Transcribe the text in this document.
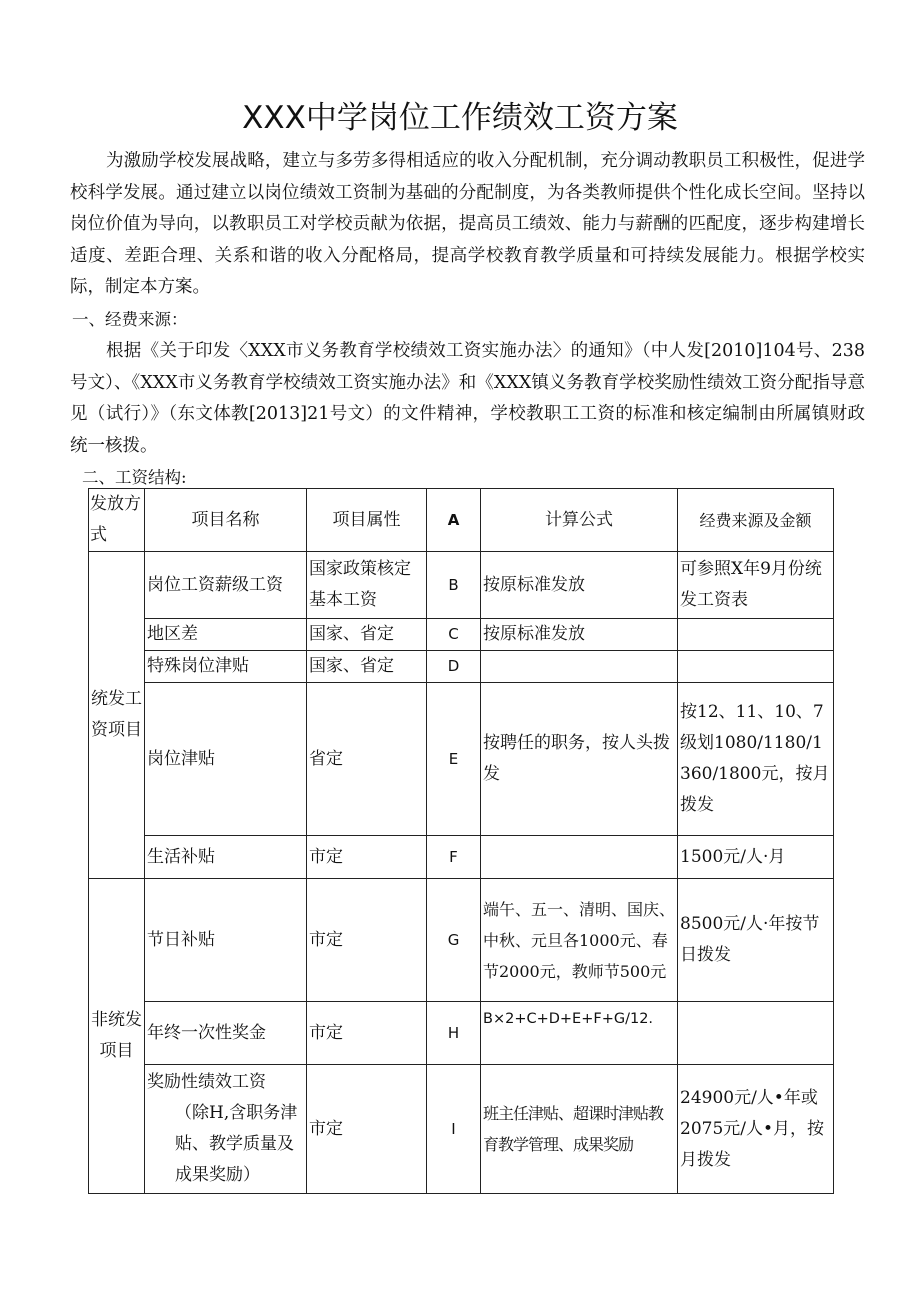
XXX中学岗位工作绩效工资方案

为激励学校发展战略，建立与多劳多得相适应的收入分配机制，充分调动教职员工积极性，促进学校科学发展。通过建立以岗位绩效工资制为基础的分配制度，为各类教师提供个性化成长空间。坚持以岗位价值为导向，以教职员工对学校贡献为依据，提高员工绩效、能力与薪酬的匹配度，逐步构建增长适度、差距合理、关系和谐的收入分配格局，提高学校教育教学质量和可持续发展能力。根据学校实际，制定本方案。

一、经费来源：

根据《关于印发〈XXX市义务教育学校绩效工资实施办法〉的通知》（中人发[2010]104号、238号文）、《XXX市义务教育学校绩效工资实施办法》和《XXX镇义务教育学校奖励性绩效工资分配指导意见（试行）》（东文体教[2013]21号文）的文件精神，学校教职工工资的标准和核定编制由所属镇财政统一核拨。

二、工资结构:

发放方式	项目名称	项目属性	A	计算公式	经费来源及金额
统发工资项目	岗位工资薪级工资	国家政策核定基本工资	B	按原标准发放	可参照X年9月份统发工资表
	地区差	国家、省定	C	按原标准发放	
	特殊岗位津贴	国家、省定	D		
	岗位津贴	省定	E	按聘任的职务，按人头拨发	按12、11、10、7级划1080/1180/1360/1800元，按月拨发
	生活补贴	市定	F		1500元/人·月
非统发项目	节日补贴	市定	G	端午、五一、清明、国庆、中秋、元旦各1000元、春节2000元，教师节500元	8500元/人·年按节日拨发
	年终一次性奖金	市定	H	B×2+C+D+E+F+G/12.	

	奖励性绩效工资
（除H,含职务津贴、教学质量及成果奖励）	市定	I	班主任津贴、超课时津贴教育教学管理、成果奖励	24900元/人•年或2075元/人•月，按月拨发
